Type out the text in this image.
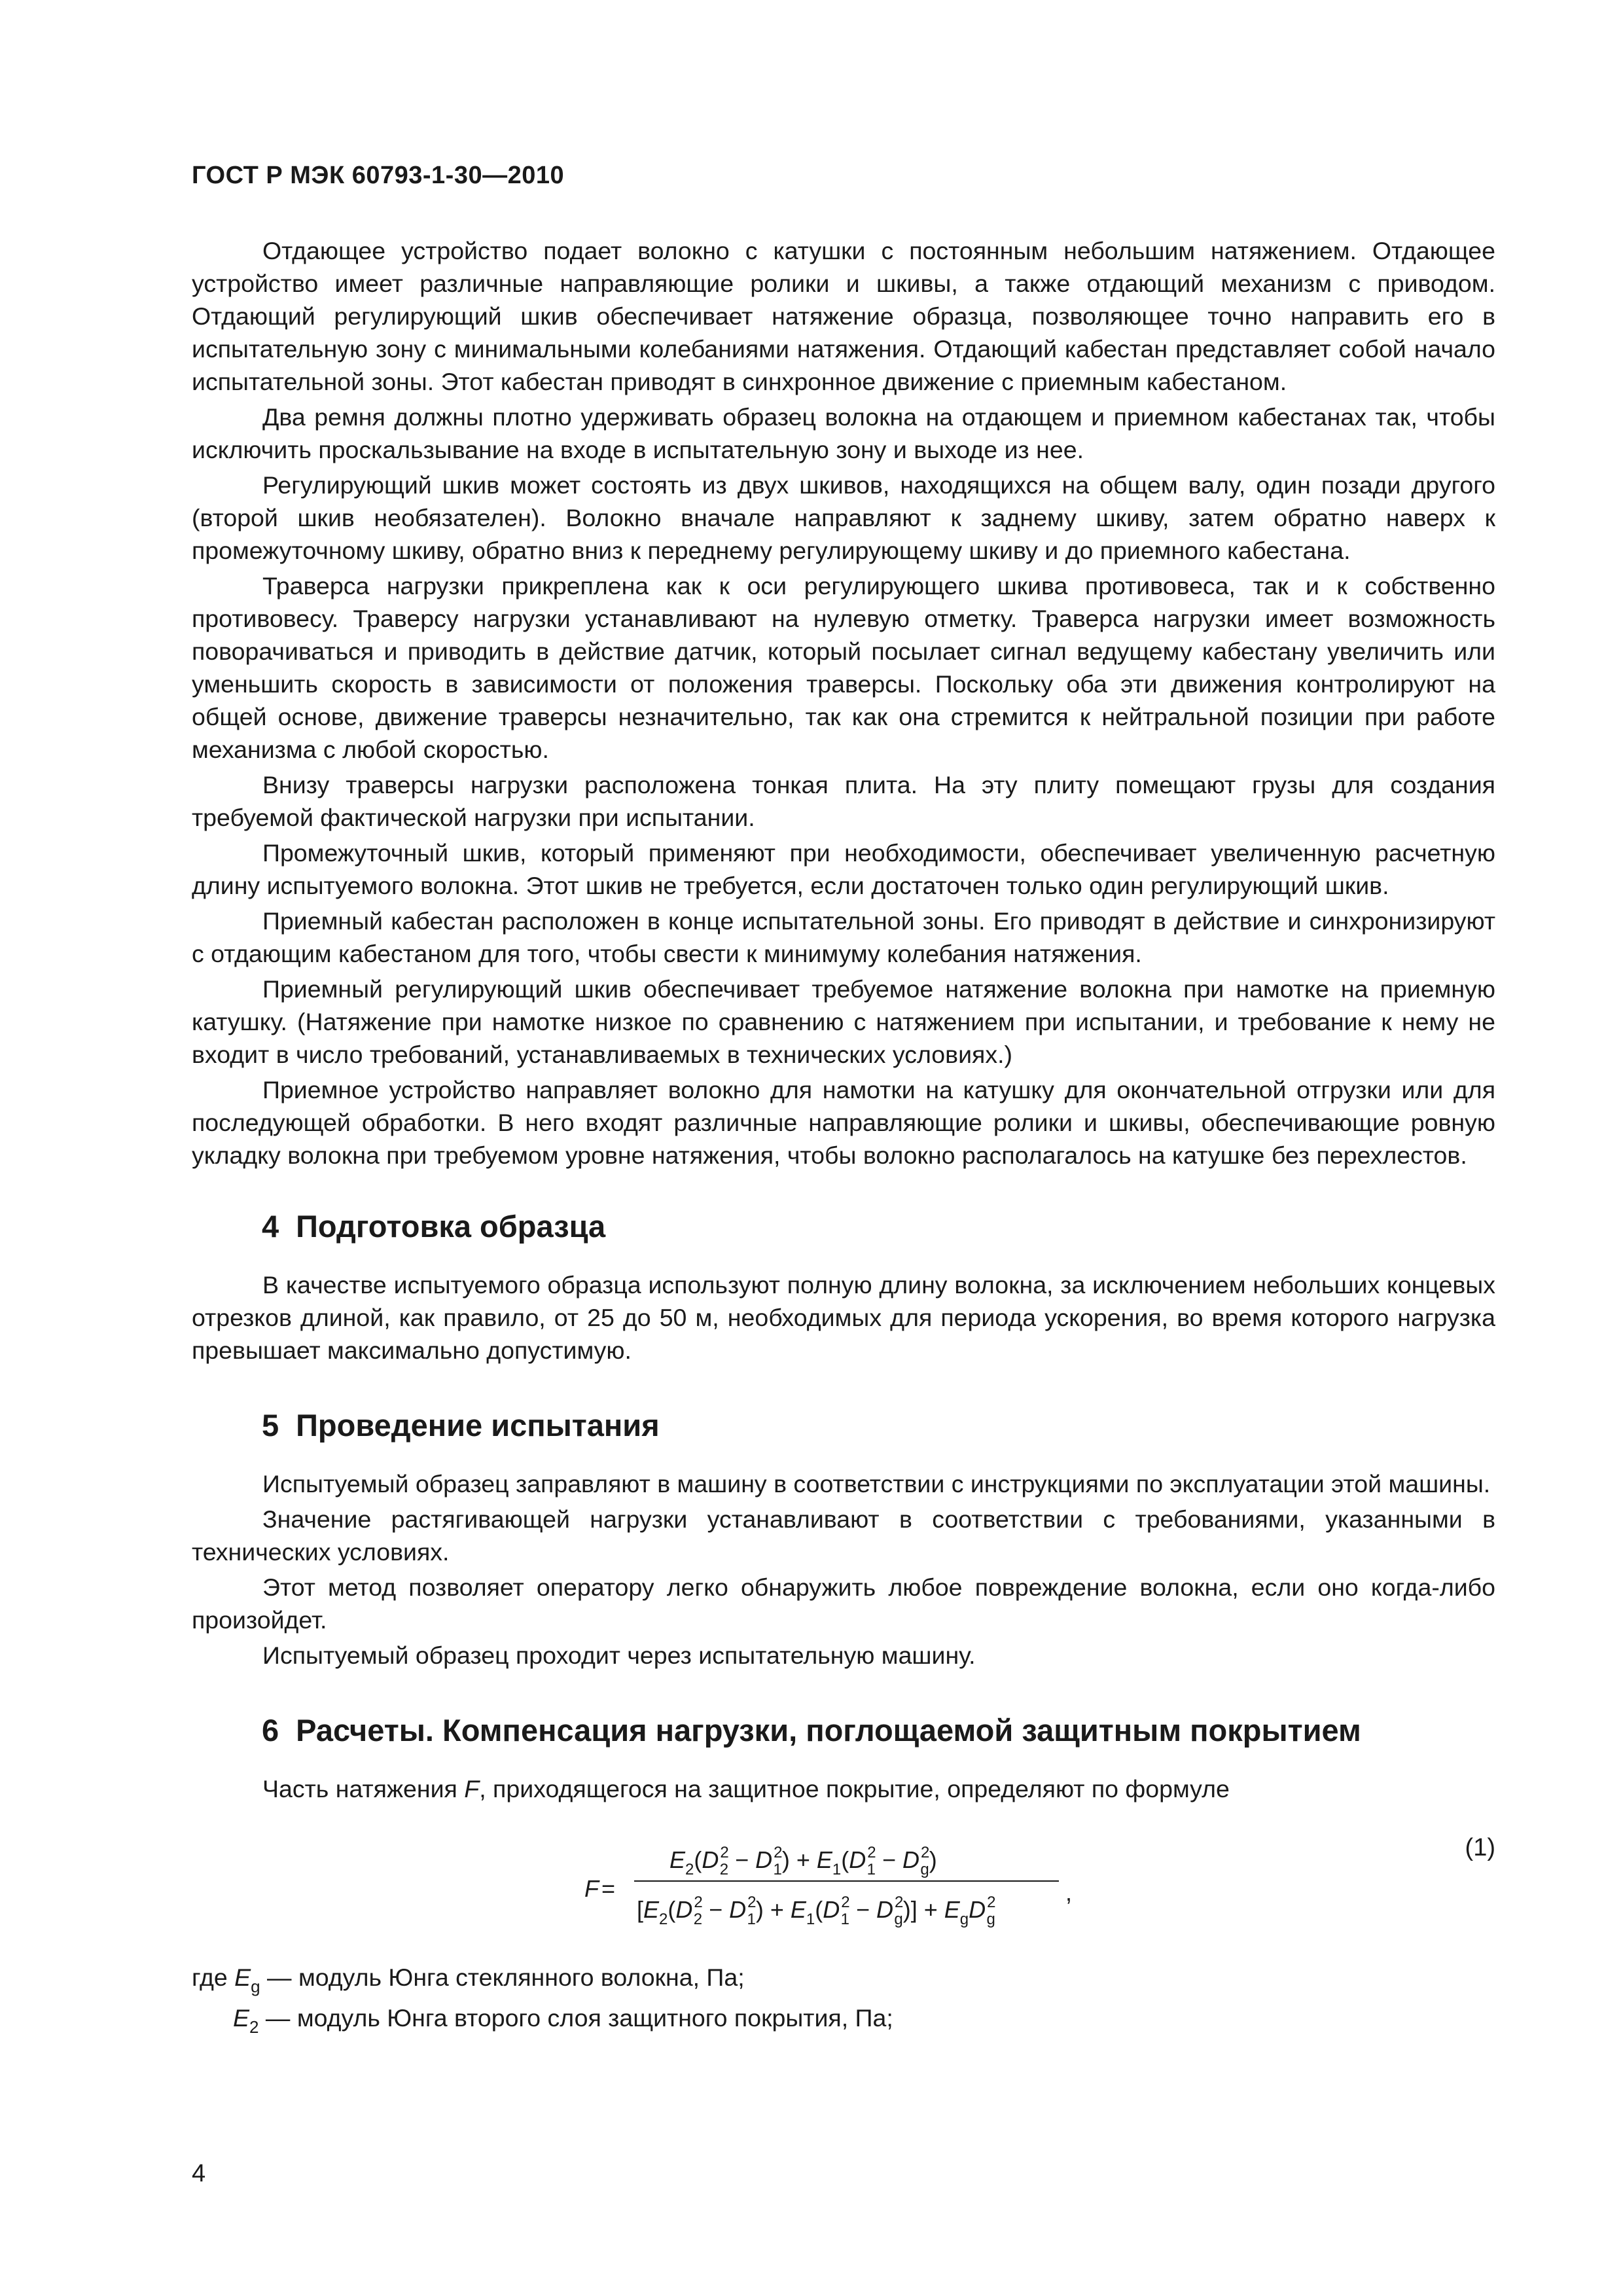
ГОСТ Р МЭК 60793-1-30—2010

Отдающее устройство подает волокно с катушки с постоянным небольшим натяжением. Отдающее устройство имеет различные направляющие ролики и шкивы, а также отдающий механизм с приводом. Отдающий регулирующий шкив обеспечивает натяжение образца, позволяющее точно направить его в испытательную зону с минимальными колебаниями натяжения. Отдающий кабестан представляет собой начало испытательной зоны. Этот кабестан приводят в синхронное движение с приемным кабестаном.

Два ремня должны плотно удерживать образец волокна на отдающем и приемном кабестанах так, чтобы исключить проскальзывание на входе в испытательную зону и выходе из нее.

Регулирующий шкив может состоять из двух шкивов, находящихся на общем валу, один позади другого (второй шкив необязателен). Волокно вначале направляют к заднему шкиву, затем обратно наверх к промежуточному шкиву, обратно вниз к переднему регулирующему шкиву и до приемного кабестана.

Траверса нагрузки прикреплена как к оси регулирующего шкива противовеса, так и к собственно противовесу. Траверсу нагрузки устанавливают на нулевую отметку. Траверса нагрузки имеет возможность поворачиваться и приводить в действие датчик, который посылает сигнал ведущему кабестану увеличить или уменьшить скорость в зависимости от положения траверсы. Поскольку оба эти движения контролируют на общей основе, движение траверсы незначительно, так как она стремится к нейтральной позиции при работе механизма с любой скоростью.

Внизу траверсы нагрузки расположена тонкая плита. На эту плиту помещают грузы для создания требуемой фактической нагрузки при испытании.

Промежуточный шкив, который применяют при необходимости, обеспечивает увеличенную расчетную длину испытуемого волокна. Этот шкив не требуется, если достаточен только один регулирующий шкив.

Приемный кабестан расположен в конце испытательной зоны. Его приводят в действие и синхронизируют с отдающим кабестаном для того, чтобы свести к минимуму колебания натяжения.

Приемный регулирующий шкив обеспечивает требуемое натяжение волокна при намотке на приемную катушку. (Натяжение при намотке низкое по сравнению с натяжением при испытании, и требование к нему не входит в число требований, устанавливаемых в технических условиях.)

Приемное устройство направляет волокно для намотки на катушку для окончательной отгрузки или для последующей обработки. В него входят различные направляющие ролики и шкивы, обеспечивающие ровную укладку волокна при требуемом уровне натяжения, чтобы волокно располагалось на катушке без перехлестов.

4 Подготовка образца

В качестве испытуемого образца используют полную длину волокна, за исключением небольших концевых отрезков длиной, как правило, от 25 до 50 м, необходимых для периода ускорения, во время которого нагрузка превышает максимально допустимую.

5 Проведение испытания

Испытуемый образец заправляют в машину в соответствии с инструкциями по эксплуатации этой машины.

Значение растягивающей нагрузки устанавливают в соответствии с требованиями, указанными в технических условиях.

Этот метод позволяет оператору легко обнаружить любое повреждение волокна, если оно когда-либо произойдет.

Испытуемый образец проходит через испытательную машину.

6 Расчеты. Компенсация нагрузки, поглощаемой защитным покрытием

Часть натяжения F, приходящегося на защитное покрытие, определяют по формуле

F =
$E_2(D^2$ $2 - D^2$ $1) + E_1(D^2$ $1 - D^2$ g)
[$E_2(D^2$ $2 - D^2$ $1) + E_1(D^2$ $1 - D^2$ $g)] + E_gD^2$ g
,
(1)

где $E_g$ — модуль Юнга стеклянного волокна, Па;

$E_2$ — модуль Юнга второго слоя защитного покрытия, Па;

4
